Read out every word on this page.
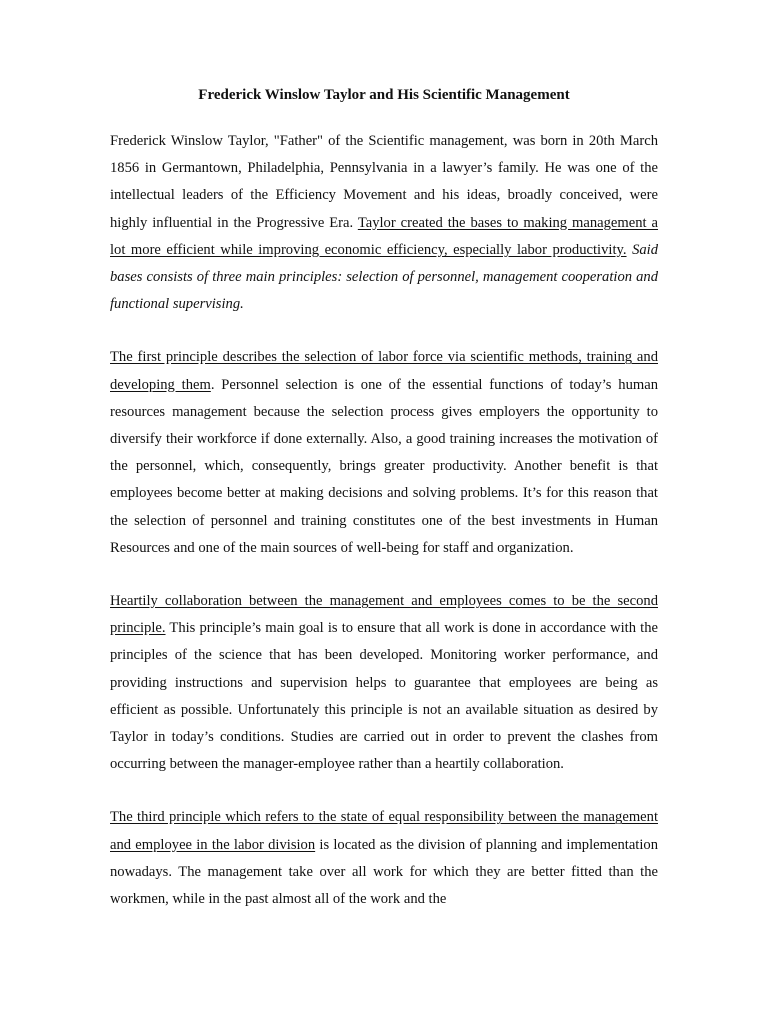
Frederick Winslow Taylor and His Scientific Management

Frederick Winslow Taylor, "Father" of the Scientific management, was born in 20th March 1856 in Germantown, Philadelphia, Pennsylvania in a lawyer’s family. He was one of the intellectual leaders of the Efficiency Movement and his ideas, broadly conceived, were highly influential in the Progressive Era. Taylor created the bases to making management a lot more efficient while improving economic efficiency, especially labor productivity. Said bases consists of three main principles: selection of personnel, management cooperation and functional supervising.

The first principle describes the selection of labor force via scientific methods, training and developing them. Personnel selection is one of the essential functions of today’s human resources management because the selection process gives employers the opportunity to diversify their workforce if done externally. Also, a good training increases the motivation of the personnel, which, consequently, brings greater productivity. Another benefit is that employees become better at making decisions and solving problems. It’s for this reason that the selection of personnel and training constitutes one of the best investments in Human Resources and one of the main sources of well-being for staff and organization.

Heartily collaboration between the management and employees comes to be the second principle. This principle’s main goal is to ensure that all work is done in accordance with the principles of the science that has been developed. Monitoring worker performance, and providing instructions and supervision helps to guarantee that employees are being as efficient as possible. Unfortunately this principle is not an available situation as desired by Taylor in today’s conditions. Studies are carried out in order to prevent the clashes from occurring between the manager-employee rather than a heartily collaboration.

The third principle which refers to the state of equal responsibility between the management and employee in the labor division is located as the division of planning and implementation nowadays. The management take over all work for which they are better fitted than the workmen, while in the past almost all of the work and the
